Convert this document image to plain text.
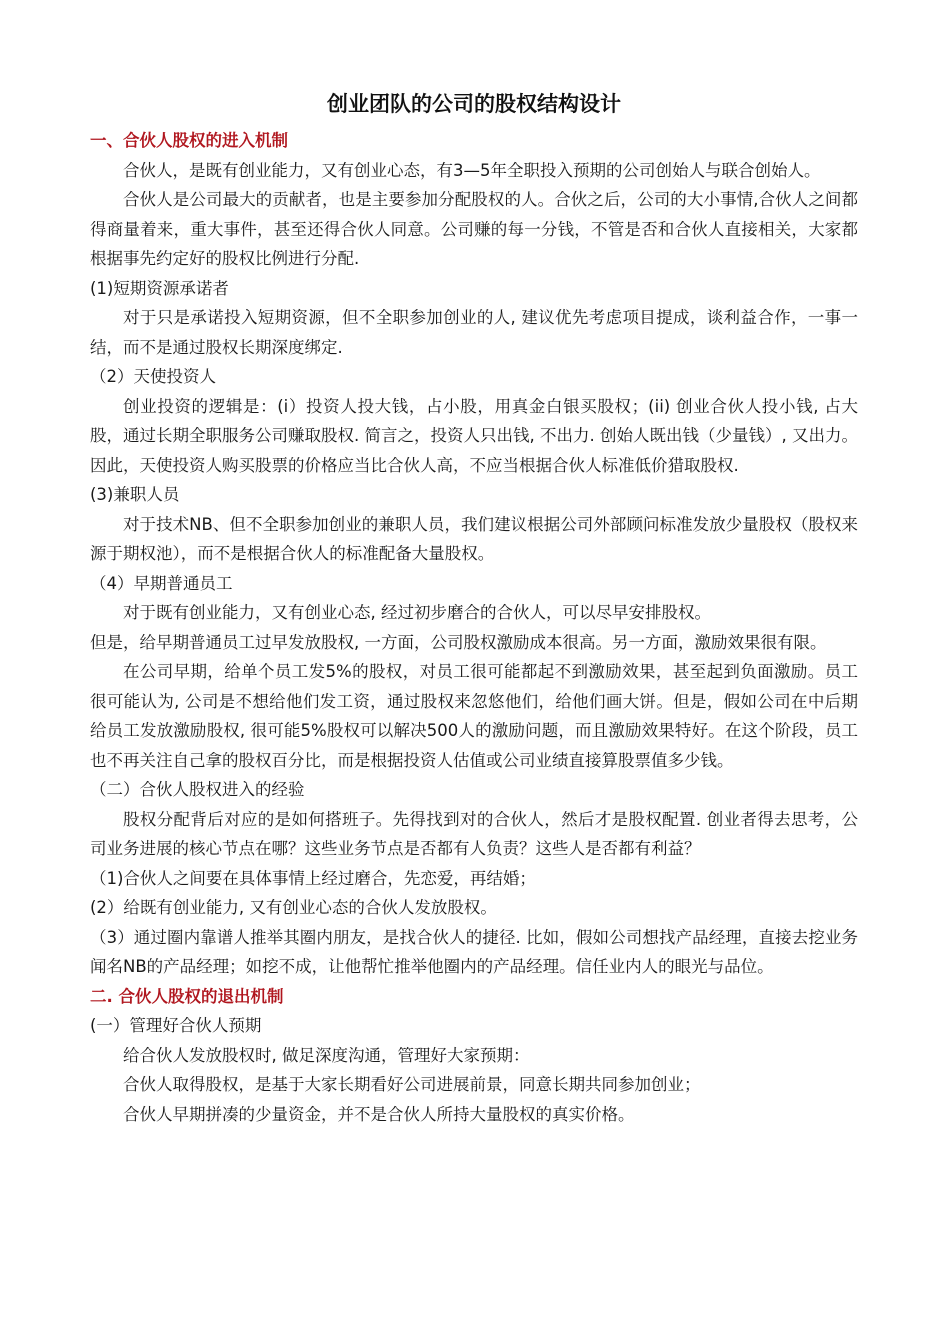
创业团队的公司的股权结构设计
一、合伙人股权的进入机制

合伙人，是既有创业能力，又有创业心态，有3—5年全职投入预期的公司创始人与联合创始人。

合伙人是公司最大的贡献者，也是主要参加分配股权的人。合伙之后，公司的大小事情,合伙人之间都得商量着来，重大事件，甚至还得合伙人同意。公司赚的每一分钱，不管是否和合伙人直接相关，大家都根据事先约定好的股权比例进行分配.

(1)短期资源承诺者

对于只是承诺投入短期资源，但不全职参加创业的人, 建议优先考虑项目提成，谈利益合作，一事一结，而不是通过股权长期深度绑定.

（2）天使投资人

创业投资的逻辑是：(i）投资人投大钱，占小股，用真金白银买股权；(ii) 创业合伙人投小钱, 占大股，通过长期全职服务公司赚取股权. 简言之，投资人只出钱, 不出力. 创始人既出钱（少量钱）, 又出力。因此，天使投资人购买股票的价格应当比合伙人高，不应当根据合伙人标准低价猎取股权.

(3)兼职人员

对于技术NB、但不全职参加创业的兼职人员，我们建议根据公司外部顾问标准发放少量股权（股权来源于期权池），而不是根据合伙人的标准配备大量股权。

（4）早期普通员工

对于既有创业能力，又有创业心态, 经过初步磨合的合伙人，可以尽早安排股权。

但是，给早期普通员工过早发放股权, 一方面，公司股权激励成本很高。另一方面，激励效果很有限。

在公司早期，给单个员工发5%的股权，对员工很可能都起不到激励效果，甚至起到负面激励。员工很可能认为, 公司是不想给他们发工资，通过股权来忽悠他们，给他们画大饼。但是，假如公司在中后期给员工发放激励股权, 很可能5%股权可以解决500人的激励问题，而且激励效果特好。在这个阶段，员工也不再关注自己拿的股权百分比，而是根据投资人估值或公司业绩直接算股票值多少钱。

（二）合伙人股权进入的经验

股权分配背后对应的是如何搭班子。先得找到对的合伙人，然后才是股权配置. 创业者得去思考，公司业务进展的核心节点在哪？这些业务节点是否都有人负责？这些人是否都有利益？

（1)合伙人之间要在具体事情上经过磨合，先恋爱，再结婚；
(2）给既有创业能力, 又有创业心态的合伙人发放股权。

（3）通过圈内靠谱人推举其圈内朋友，是找合伙人的捷径. 比如，假如公司想找产品经理，直接去挖业务闻名NB的产品经理；如挖不成，让他帮忙推举他圈内的产品经理。信任业内人的眼光与品位。

二. 合伙人股权的退出机制
(一）管理好合伙人预期

给合伙人发放股权时, 做足深度沟通，管理好大家预期：

合伙人取得股权，是基于大家长期看好公司进展前景，同意长期共同参加创业；

合伙人早期拼凑的少量资金，并不是合伙人所持大量股权的真实价格。
